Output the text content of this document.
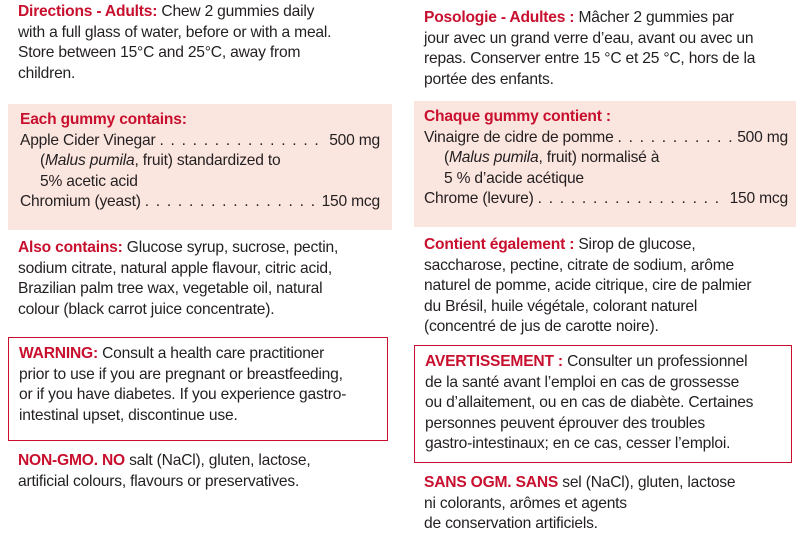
Directions - Adults: Chew 2 gummies daily
with a full glass of water, before or with a meal.
Store between 15°C and 25°C, away from
children.
Each gummy contains:
Apple Cider Vinegar . . .	500 mg
(Malus pumila, fruit) standardized to
5% acetic acid
Chromium (yeast) . . .	150 mcg
Also contains: Glucose syrup, sucrose, pectin,
sodium citrate, natural apple flavour, citric acid,
Brazilian palm tree wax, vegetable oil, natural
colour (black carrot juice concentrate).
WARNING: Consult a health care practitioner
prior to use if you are pregnant or breastfeeding,
or if you have diabetes. If you experience gastro-
intestinal upset, discontinue use.
NON-GMO. NO salt (NaCl), gluten, lactose,
artificial colours, flavours or preservatives.
Posologie - Adultes : Mâcher 2 gummies par
jour avec un grand verre d’eau, avant ou avec un
repas. Conserver entre 15 °C et 25 °C, hors de la
portée des enfants.
Chaque gummy contient :
Vinaigre de cidre de pomme . . .	500 mg
(Malus pumila, fruit) normalisé à
5 % d’acide acétique
Chrome (levure) . . .	150 mcg
Contient également : Sirop de glucose,
saccharose, pectine, citrate de sodium, arôme
naturel de pomme, acide citrique, cire de palmier
du Brésil, huile végétale, colorant naturel
(concentré de jus de carotte noire).
AVERTISSEMENT : Consulter un professionnel
de la santé avant l’emploi en cas de grossesse
ou d’allaitement, ou en cas de diabète. Certaines
personnes peuvent éprouver des troubles
gastro-intestinaux; en ce cas, cesser l’emploi.
SANS OGM. SANS sel (NaCl), gluten, lactose
ni colorants, arômes et agents
de conservation artificiels.
